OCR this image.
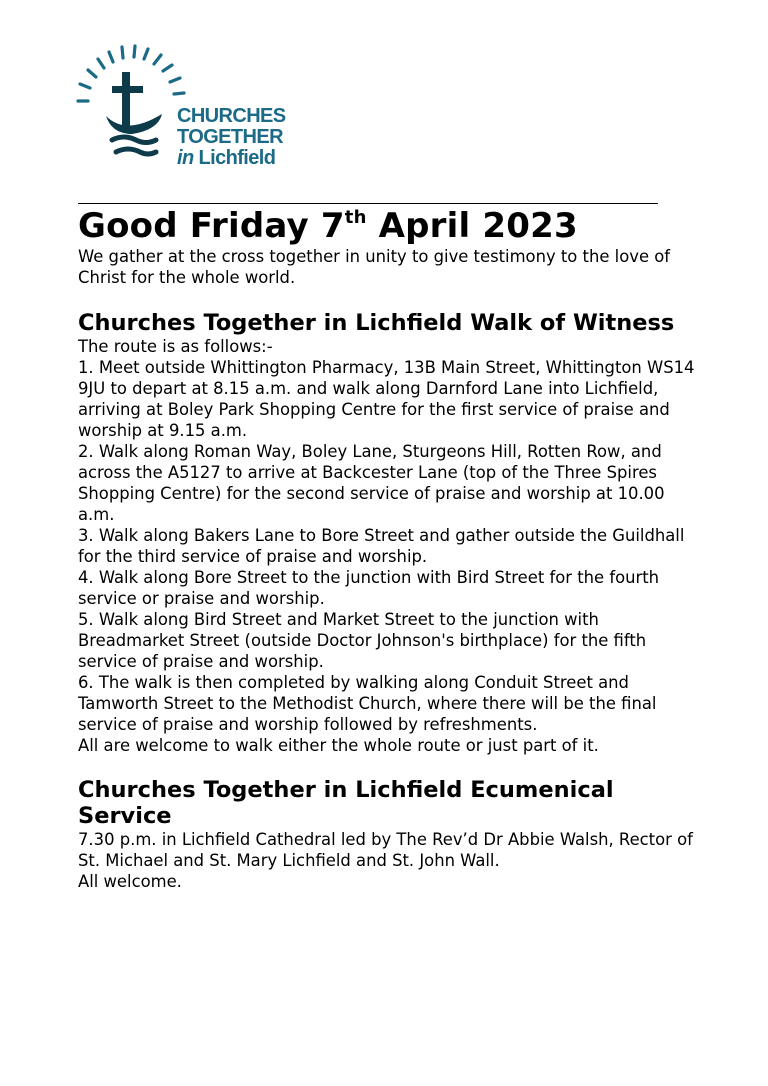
CHURCHES
TOGETHER
in Lichfield
Good Friday 7th April 2023

We gather at the cross together in unity to give testimony to the love of Christ for the whole world.

Churches Together in Lichfield Walk of Witness

The route is as follows:-

1. Meet outside Whittington Pharmacy, 13B Main Street, Whittington WS14 9JU to depart at 8.15 a.m. and walk along Darnford Lane into Lichfield, arriving at Boley Park Shopping Centre for the first service of praise and worship at 9.15 a.m.

2. Walk along Roman Way, Boley Lane, Sturgeons Hill, Rotten Row, and across the A5127 to arrive at Backcester Lane (top of the Three Spires Shopping Centre) for the second service of praise and worship at 10.00 a.m.

3. Walk along Bakers Lane to Bore Street and gather outside the Guildhall for the third service of praise and worship.

4. Walk along Bore Street to the junction with Bird Street for the fourth service or praise and worship.

5. Walk along Bird Street and Market Street to the junction with Breadmarket Street (outside Doctor Johnson's birthplace) for the fifth service of praise and worship.

6. The walk is then completed by walking along Conduit Street and Tamworth Street to the Methodist Church, where there will be the final service of praise and worship followed by refreshments.

All are welcome to walk either the whole route or just part of it.

Churches Together in Lichfield Ecumenical Service

7.30 p.m. in Lichfield Cathedral led by The Rev’d Dr Abbie Walsh, Rector of St. Michael and St. Mary Lichfield and St. John Wall.

All welcome.
